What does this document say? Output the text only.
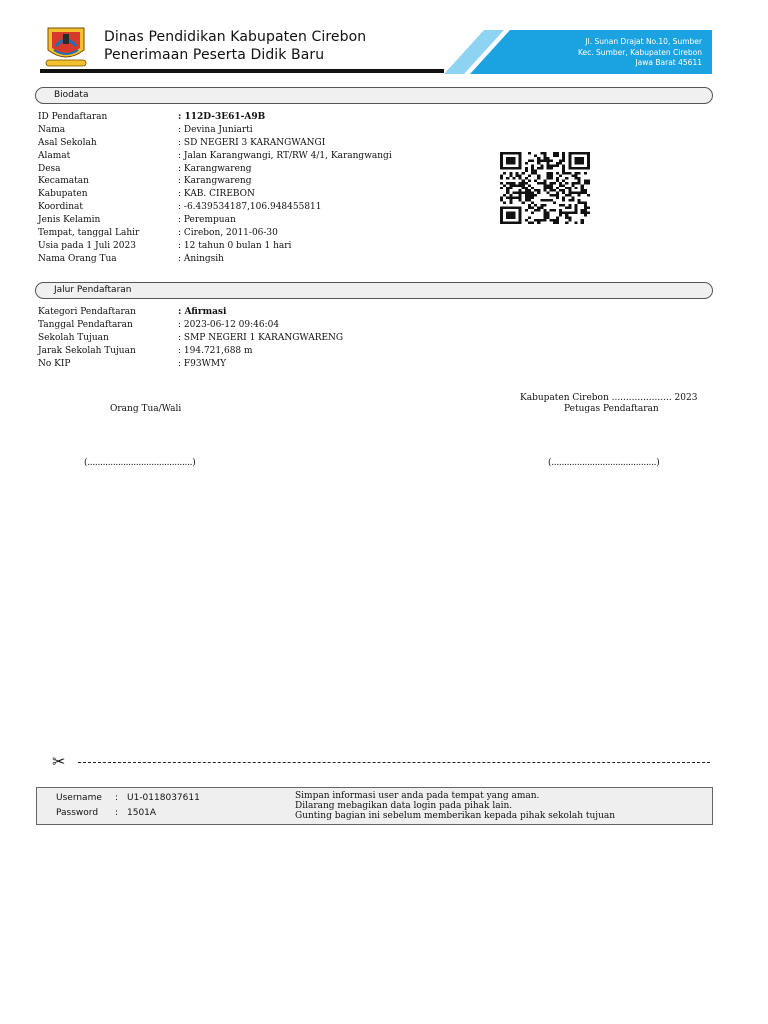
Dinas Pendidikan Kabupaten Cirebon
Penerimaan Peserta Didik Baru
Jl. Sunan Drajat No.10, Sumber
Kec. Sumber, Kabupaten Cirebon
Jawa Barat 45611
Biodata
ID Pendaftaran	: 112D-3E61-A9B
Nama	: Devina Juniarti
Asal Sekolah	: SD NEGERI 3 KARANGWANGI
Alamat	: Jalan Karangwangi, RT/RW 4/1, Karangwangi
Desa	: Karangwareng
Kecamatan	: Karangwareng
Kabupaten	: KAB. CIREBON
Koordinat	: -6.439534187,106.948455811
Jenis Kelamin	: Perempuan
Tempat, tanggal Lahir	: Cirebon, 2011-06-30
Usia pada 1 Juli 2023	: 12 tahun 0 bulan 1 hari
Nama Orang Tua	: Aningsih
Jalur Pendaftaran
Kategori Pendaftaran	: Afirmasi
Tanggal Pendaftaran	: 2023-06-12 09:46:04
Sekolah Tujuan	: SMP NEGERI 1 KARANGWARENG
Jarak Sekolah Tujuan	: 194.721,688 m
No KIP	: F93WMY
Kabupaten Cirebon ..................... 2023
Orang Tua/Wali	Petugas Pendaftaran
(.........................................)	(.........................................)
✂
Username : U1-0118037611
Password : 1501A
Simpan informasi user anda pada tempat yang aman.
Dilarang mebagikan data login pada pihak lain.
Gunting bagian ini sebelum memberikan kepada pihak sekolah tujuan
